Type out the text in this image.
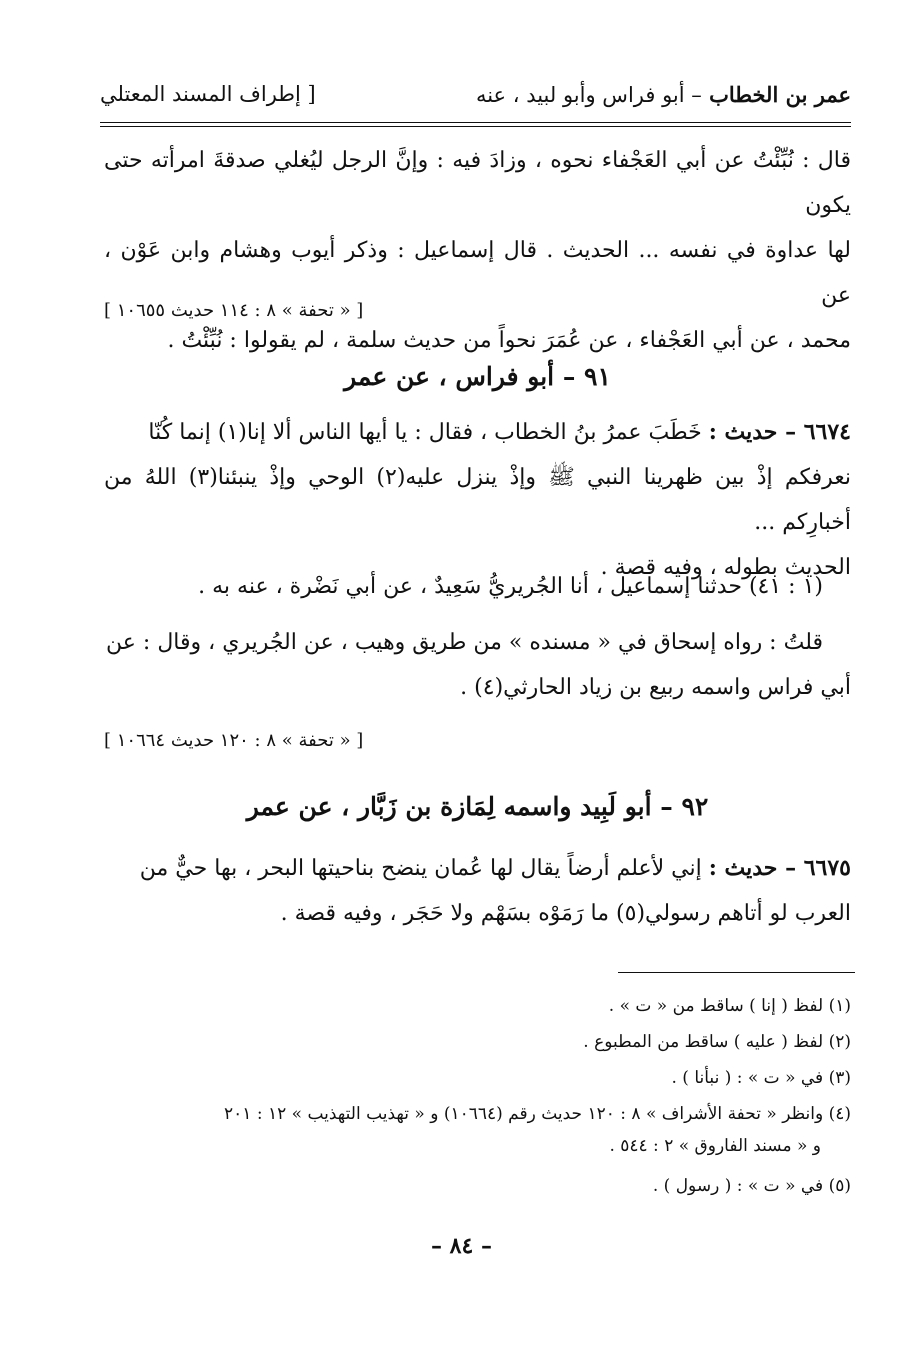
عمر بن الخطاب – أبو فراس وأبو لبيد ، عنه
[ إطراف المسند المعتلي
قال : نُبِّئْتُ عن أبي العَجْفاء نحوه ، وزادَ فيه : وإنَّ الرجل ليُغلي صدقةَ امرأته حتى يكون
لها عداوة في نفسه ... الحديث . قال إسماعيل : وذكر أيوب وهشام وابن عَوْن ، عن
محمد ، عن أبي العَجْفاء ، عن عُمَرَ نحواً من حديث سلمة ، لم يقولوا : نُبِّئْتُ .
[ « تحفة » ٨ : ١١٤ حديث ١٠٦٥٥ ]
٩١ – أبو فراس ، عن عمر
٦٦٧٤ – حديث : خَطَبَ عمرُ بنُ الخطاب ، فقال : يا أيها الناس ألا إنا(١) إنما كُنّا
نعرفكم إذْ بين ظهرينا النبي ﷺ وإذْ ينزل عليه(٢) الوحي وإذْ ينبئنا(٣) اللهُ من أخبارِكم ...
الحديث بطوله ، وفيه قصة .
(١ : ٤١) حدثنا إسماعيل ، أنا الجُريريُّ سَعِيدٌ ، عن أبي نَضْرة ، عنه به .
قلتُ : رواه إسحاق في « مسنده » من طريق وهيب ، عن الجُريري ، وقال : عن
أبي فراس واسمه ربيع بن زياد الحارثي(٤) .
[ « تحفة » ٨ : ١٢٠ حديث ١٠٦٦٤ ]
٩٢ – أبو لَبِيد واسمه لِمَازة بن زَبَّار ، عن عمر
٦٦٧٥ – حديث : إني لأعلم أرضاً يقال لها عُمان ينضح بناحيتها البحر ، بها حيٌّ من
العرب لو أتاهم رسولي(٥) ما رَمَوْه بسَهْم ولا حَجَر ، وفيه قصة .
(١) لفظ ( إنا ) ساقط من « ت » .
(٢) لفظ ( عليه ) ساقط من المطبوع .
(٣) في « ت » : ( نبأنا ) .
(٤) وانظر « تحفة الأشراف » ٨ : ١٢٠ حديث رقم (١٠٦٦٤) و « تهذيب التهذيب » ١٢ : ٢٠١
و « مسند الفاروق » ٢ : ٥٤٤ .
(٥) في « ت » : ( رسول ) .
– ٨٤ –
